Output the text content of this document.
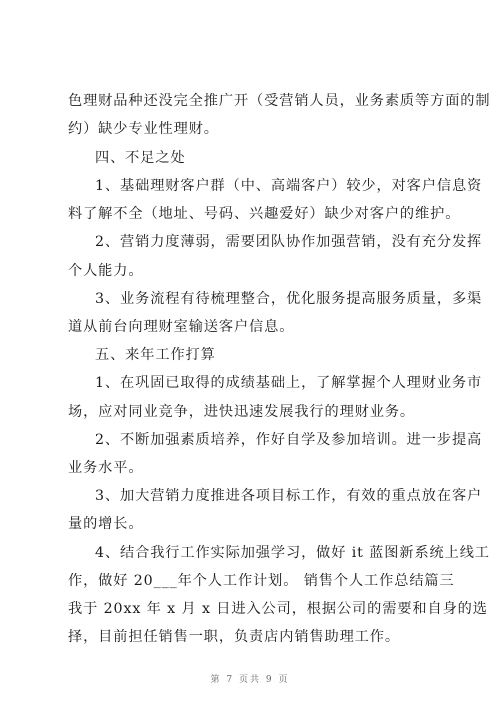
色理财品种还没完全推广开（受营销人员，业务素质等方面的制
约）缺少专业性理财。
四、不足之处
1、基础理财客户群（中、高端客户）较少，对客户信息资
料了解不全（地址、号码、兴趣爱好）缺少对客户的维护。
2、营销力度薄弱，需要团队协作加强营销，没有充分发挥
个人能力。
3、业务流程有待梳理整合，优化服务提高服务质量，多渠
道从前台向理财室输送客户信息。
五、来年工作打算
1、在巩固已取得的成绩基础上，了解掌握个人理财业务市
场，应对同业竞争，进快迅速发展我行的理财业务。
2、不断加强素质培养，作好自学及参加培训。进一步提高
业务水平。
3、加大营销力度推进各项目标工作，有效的重点放在客户
量的增长。
4、结合我行工作实际加强学习，做好 it 蓝图新系统上线工
作，做好 20___年个人工作计划。 销售个人工作总结篇三
我于 20xx 年 x 月 x 日进入公司，根据公司的需要和自身的选
择，目前担任销售一职，负责店内销售助理工作。
第 7 页共 9 页
